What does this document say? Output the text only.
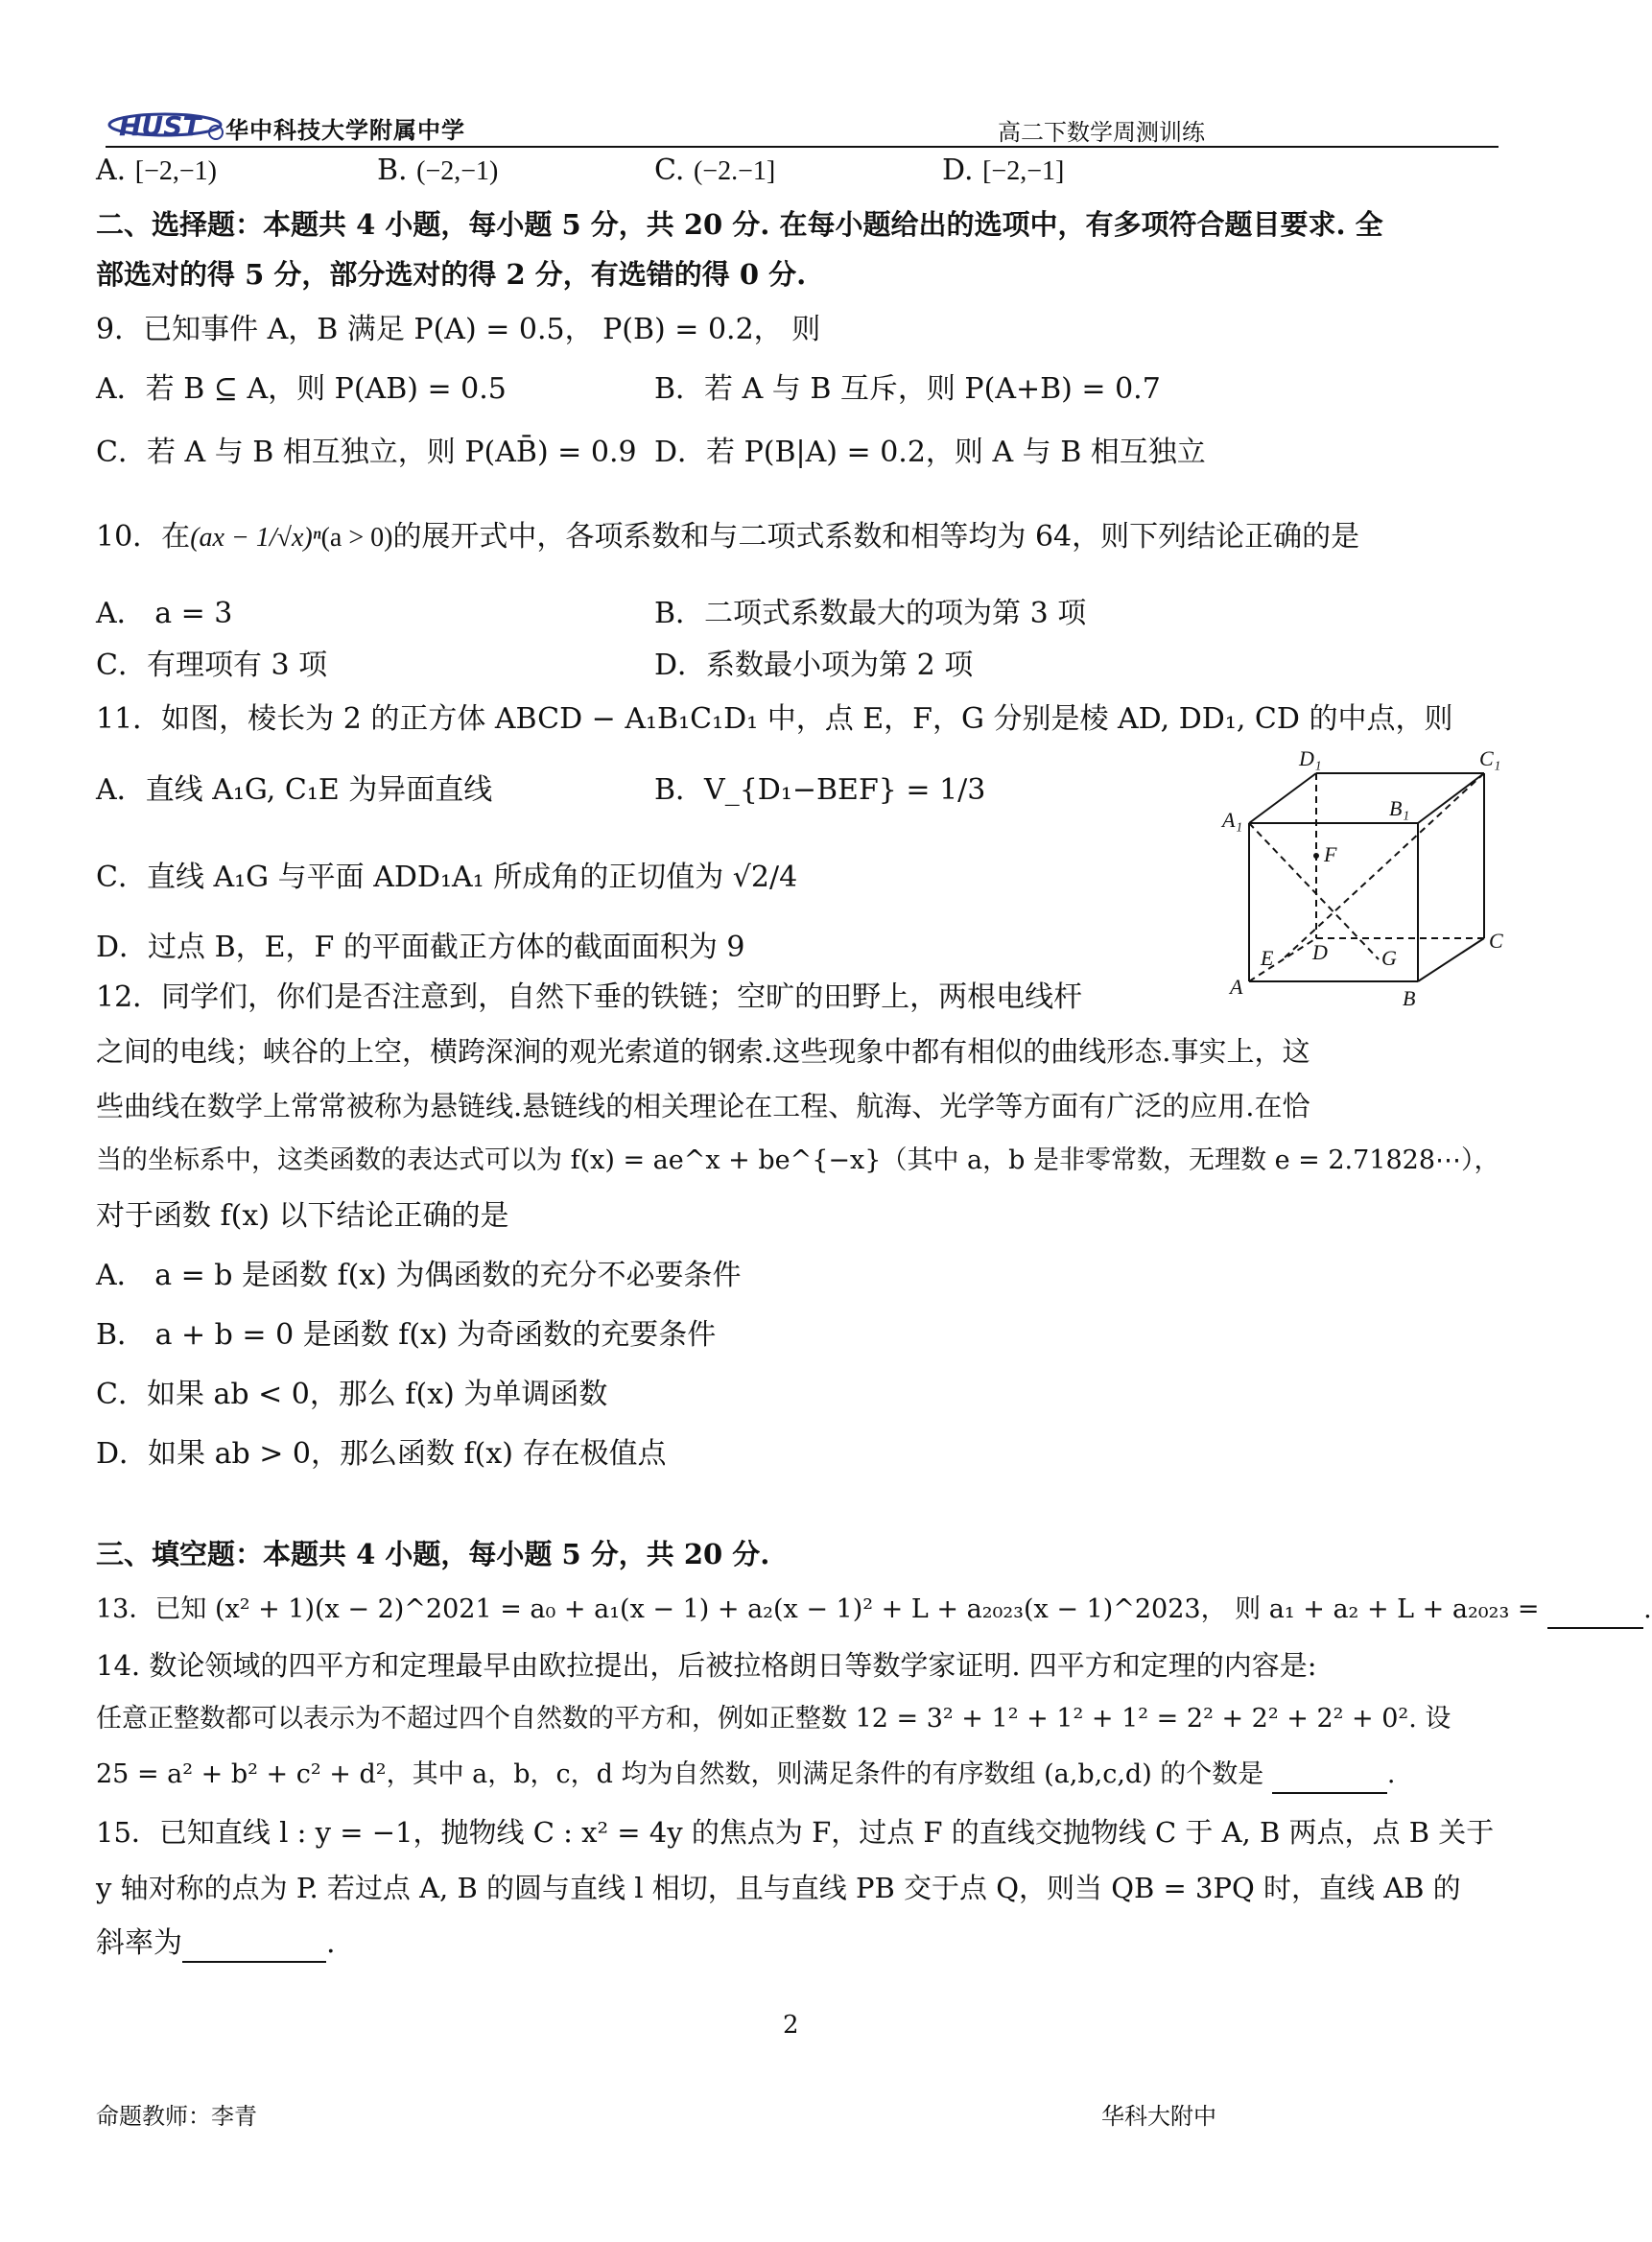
HUST 华中科技大学附属中学	高二下数学周测训练
A. [−2,−1)	B. (−2,−1)	C. (−2.−1]	D. [−2,−1]
二、选择题：本题共 4 小题，每小题 5 分，共 20 分. 在每小题给出的选项中，有多项符合题目要求. 全
部选对的得 5 分，部分选对的得 2 分，有选错的得 0 分.
9．已知事件 A，B 满足 P(A) = 0.5， P(B) = 0.2， 则
A．若 B ⊆ A，则 P(AB) = 0.5	B．若 A 与 B 互斥，则 P(A+B) = 0.7
C．若 A 与 B 相互独立，则 P(AB̄) = 0.9 D．若 P(B|A) = 0.2，则 A 与 B 相互独立
10．在(ax − 1/√x)ⁿ(a > 0)的展开式中，各项系数和与二项式系数和相等均为 64，则下列结论正确的是
A． a = 3	B．二项式系数最大的项为第 3 项
C．有理项有 3 项	D．系数最小项为第 2 项
11．如图，棱长为 2 的正方体 ABCD − A₁B₁C₁D₁ 中，点 E，F，G 分别是棱 AD, DD₁, CD 的中点，则
A．直线 A₁G, C₁E 为异面直线	B．V_{D₁−BEF} = 1/3
C．直线 A₁G 与平面 ADD₁A₁ 所成角的正切值为 √2/4
D．过点 B，E，F 的平面截正方体的截面面积为 9
D₁	C₁
B₁
A₁
F
E D	G
C
A	B
12．同学们，你们是否注意到，自然下垂的铁链；空旷的田野上，两根电线杆
之间的电线；峡谷的上空，横跨深涧的观光索道的钢索.这些现象中都有相似的曲线形态.事实上，这
些曲线在数学上常常被称为悬链线.悬链线的相关理论在工程、航海、光学等方面有广泛的应用.在恰
当的坐标系中，这类函数的表达式可以为 f(x) = ae^x + be^{−x}（其中 a，b 是非零常数，无理数 e = 2.71828⋯），
对于函数 f(x) 以下结论正确的是
A． a = b 是函数 f(x) 为偶函数的充分不必要条件
B． a + b = 0 是函数 f(x) 为奇函数的充要条件
C．如果 ab < 0，那么 f(x) 为单调函数
D．如果 ab > 0，那么函数 f(x) 存在极值点
三、填空题：本题共 4 小题，每小题 5 分，共 20 分.
13．已知 (x² + 1)(x − 2)^2021 = a₀ + a₁(x − 1) + a₂(x − 1)² + L + a₂₀₂₃(x − 1)^2023， 则 a₁ + a₂ + L + a₂₀₂₃ =	.
14. 数论领域的四平方和定理最早由欧拉提出，后被拉格朗日等数学家证明. 四平方和定理的内容是:
任意正整数都可以表示为不超过四个自然数的平方和，例如正整数 12 = 3² + 1² + 1² + 1² = 2² + 2² + 2² + 0². 设
25 = a² + b² + c² + d²，其中 a，b，c，d 均为自然数，则满足条件的有序数组 (a,b,c,d) 的个数是	.
15．已知直线 l : y = −1，抛物线 C : x² = 4y 的焦点为 F，过点 F 的直线交抛物线 C 于 A, B 两点，点 B 关于
y 轴对称的点为 P. 若过点 A, B 的圆与直线 l 相切，且与直线 PB 交于点 Q，则当 QB = 3PQ 时，直线 AB 的
斜率为	.
2
命题教师：李青	华科大附中
